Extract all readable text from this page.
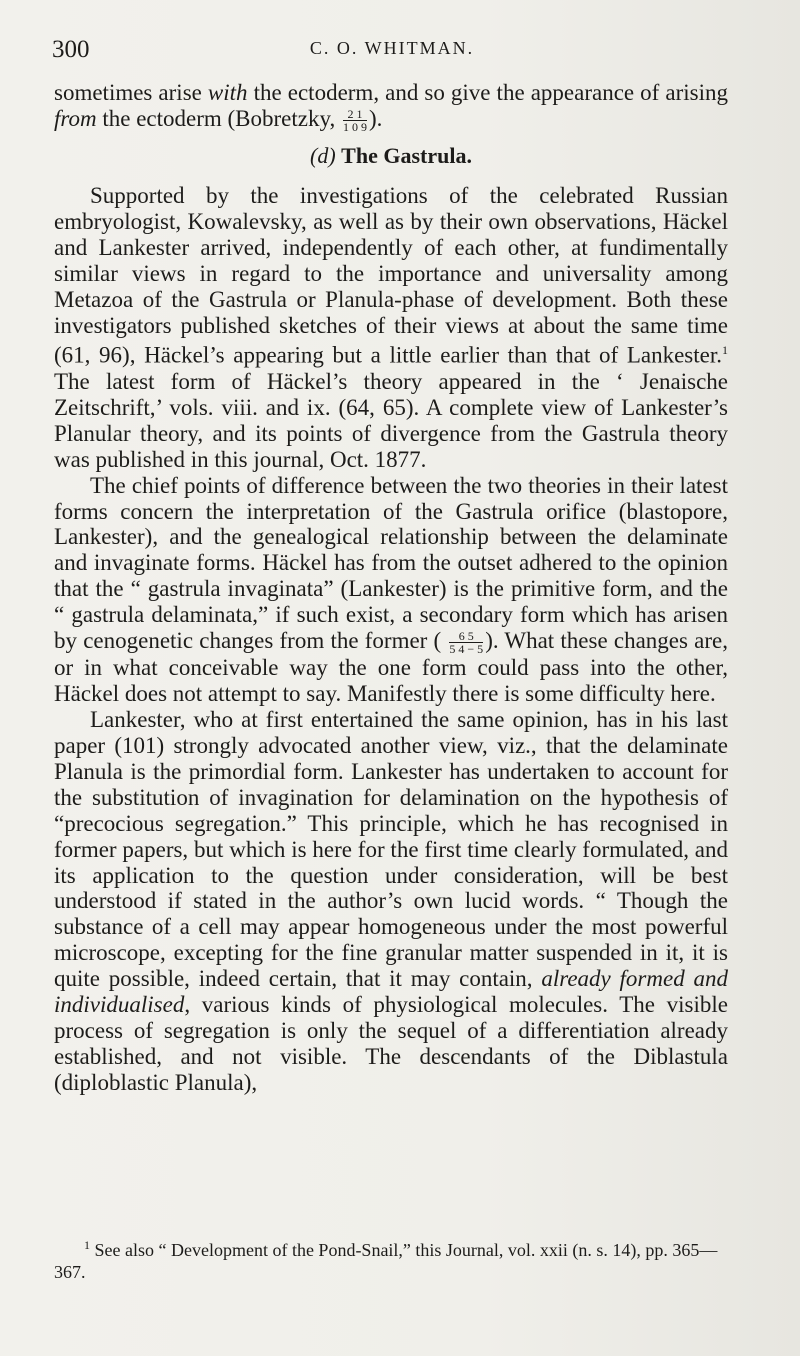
300	C. O. WHITMAN.

sometimes arise with the ectoderm, and so give the appearance of arising from the ectoderm (Bobretzky, $\frac{2 1}{1 0 9}$ ).

(d) The Gastrula.

Supported by the investigations of the celebrated Russian embryologist, Kowalevsky, as well as by their own observations, Häckel and Lankester arrived, independently of each other, at fundimentally similar views in regard to the importance and universality among Metazoa of the Gastrula or Planula-phase of development. Both these investigators published sketches of their views at about the same time (61, 96), Häckel’s appearing but a little earlier than that of Lankester.$^1$ The latest form of Häckel’s theory appeared in the ‘ Jenaische Zeitschrift,’ vols. viii. and ix. (64, 65). A complete view of Lankester’s Planular theory, and its points of divergence from the Gastrula theory was published in this journal, Oct. 1877.

The chief points of difference between the two theories in their latest forms concern the interpretation of the Gastrula orifice (blastopore, Lankester), and the genealogical relationship between the delaminate and invaginate forms. Häckel has from the outset adhered to the opinion that the “ gastrula invaginata” (Lankester) is the primitive form, and the “ gastrula delaminata,” if such exist, a secondary form which has arisen by cenogenetic changes from the former ( $\frac{6 5}{5 4 - 5}$ ). What these changes are, or in what conceivable way the one form could pass into the other, Häckel does not attempt to say. Manifestly there is some difficulty here.

Lankester, who at first entertained the same opinion, has in his last paper (101) strongly advocated another view, viz., that the delaminate Planula is the primordial form. Lankester has undertaken to account for the substitution of invagination for delamination on the hypothesis of “precocious segregation.” This principle, which he has recognised in former papers, but which is here for the first time clearly formulated, and its application to the question under consideration, will be best understood if stated in the author’s own lucid words. “ Though the substance of a cell may appear homogeneous under the most powerful microscope, excepting for the fine granular matter suspended in it, it is quite possible, indeed certain, that it may contain, already formed and individualised, various kinds of physiological molecules. The visible process of segregation is only the sequel of a differentiation already established, and not visible. The descendants of the Diblastula (diploblastic Planula),

$^1$ See also “ Development of the Pond-Snail,” this Journal, vol. xxii (n. s. 14), pp. 365—367.
